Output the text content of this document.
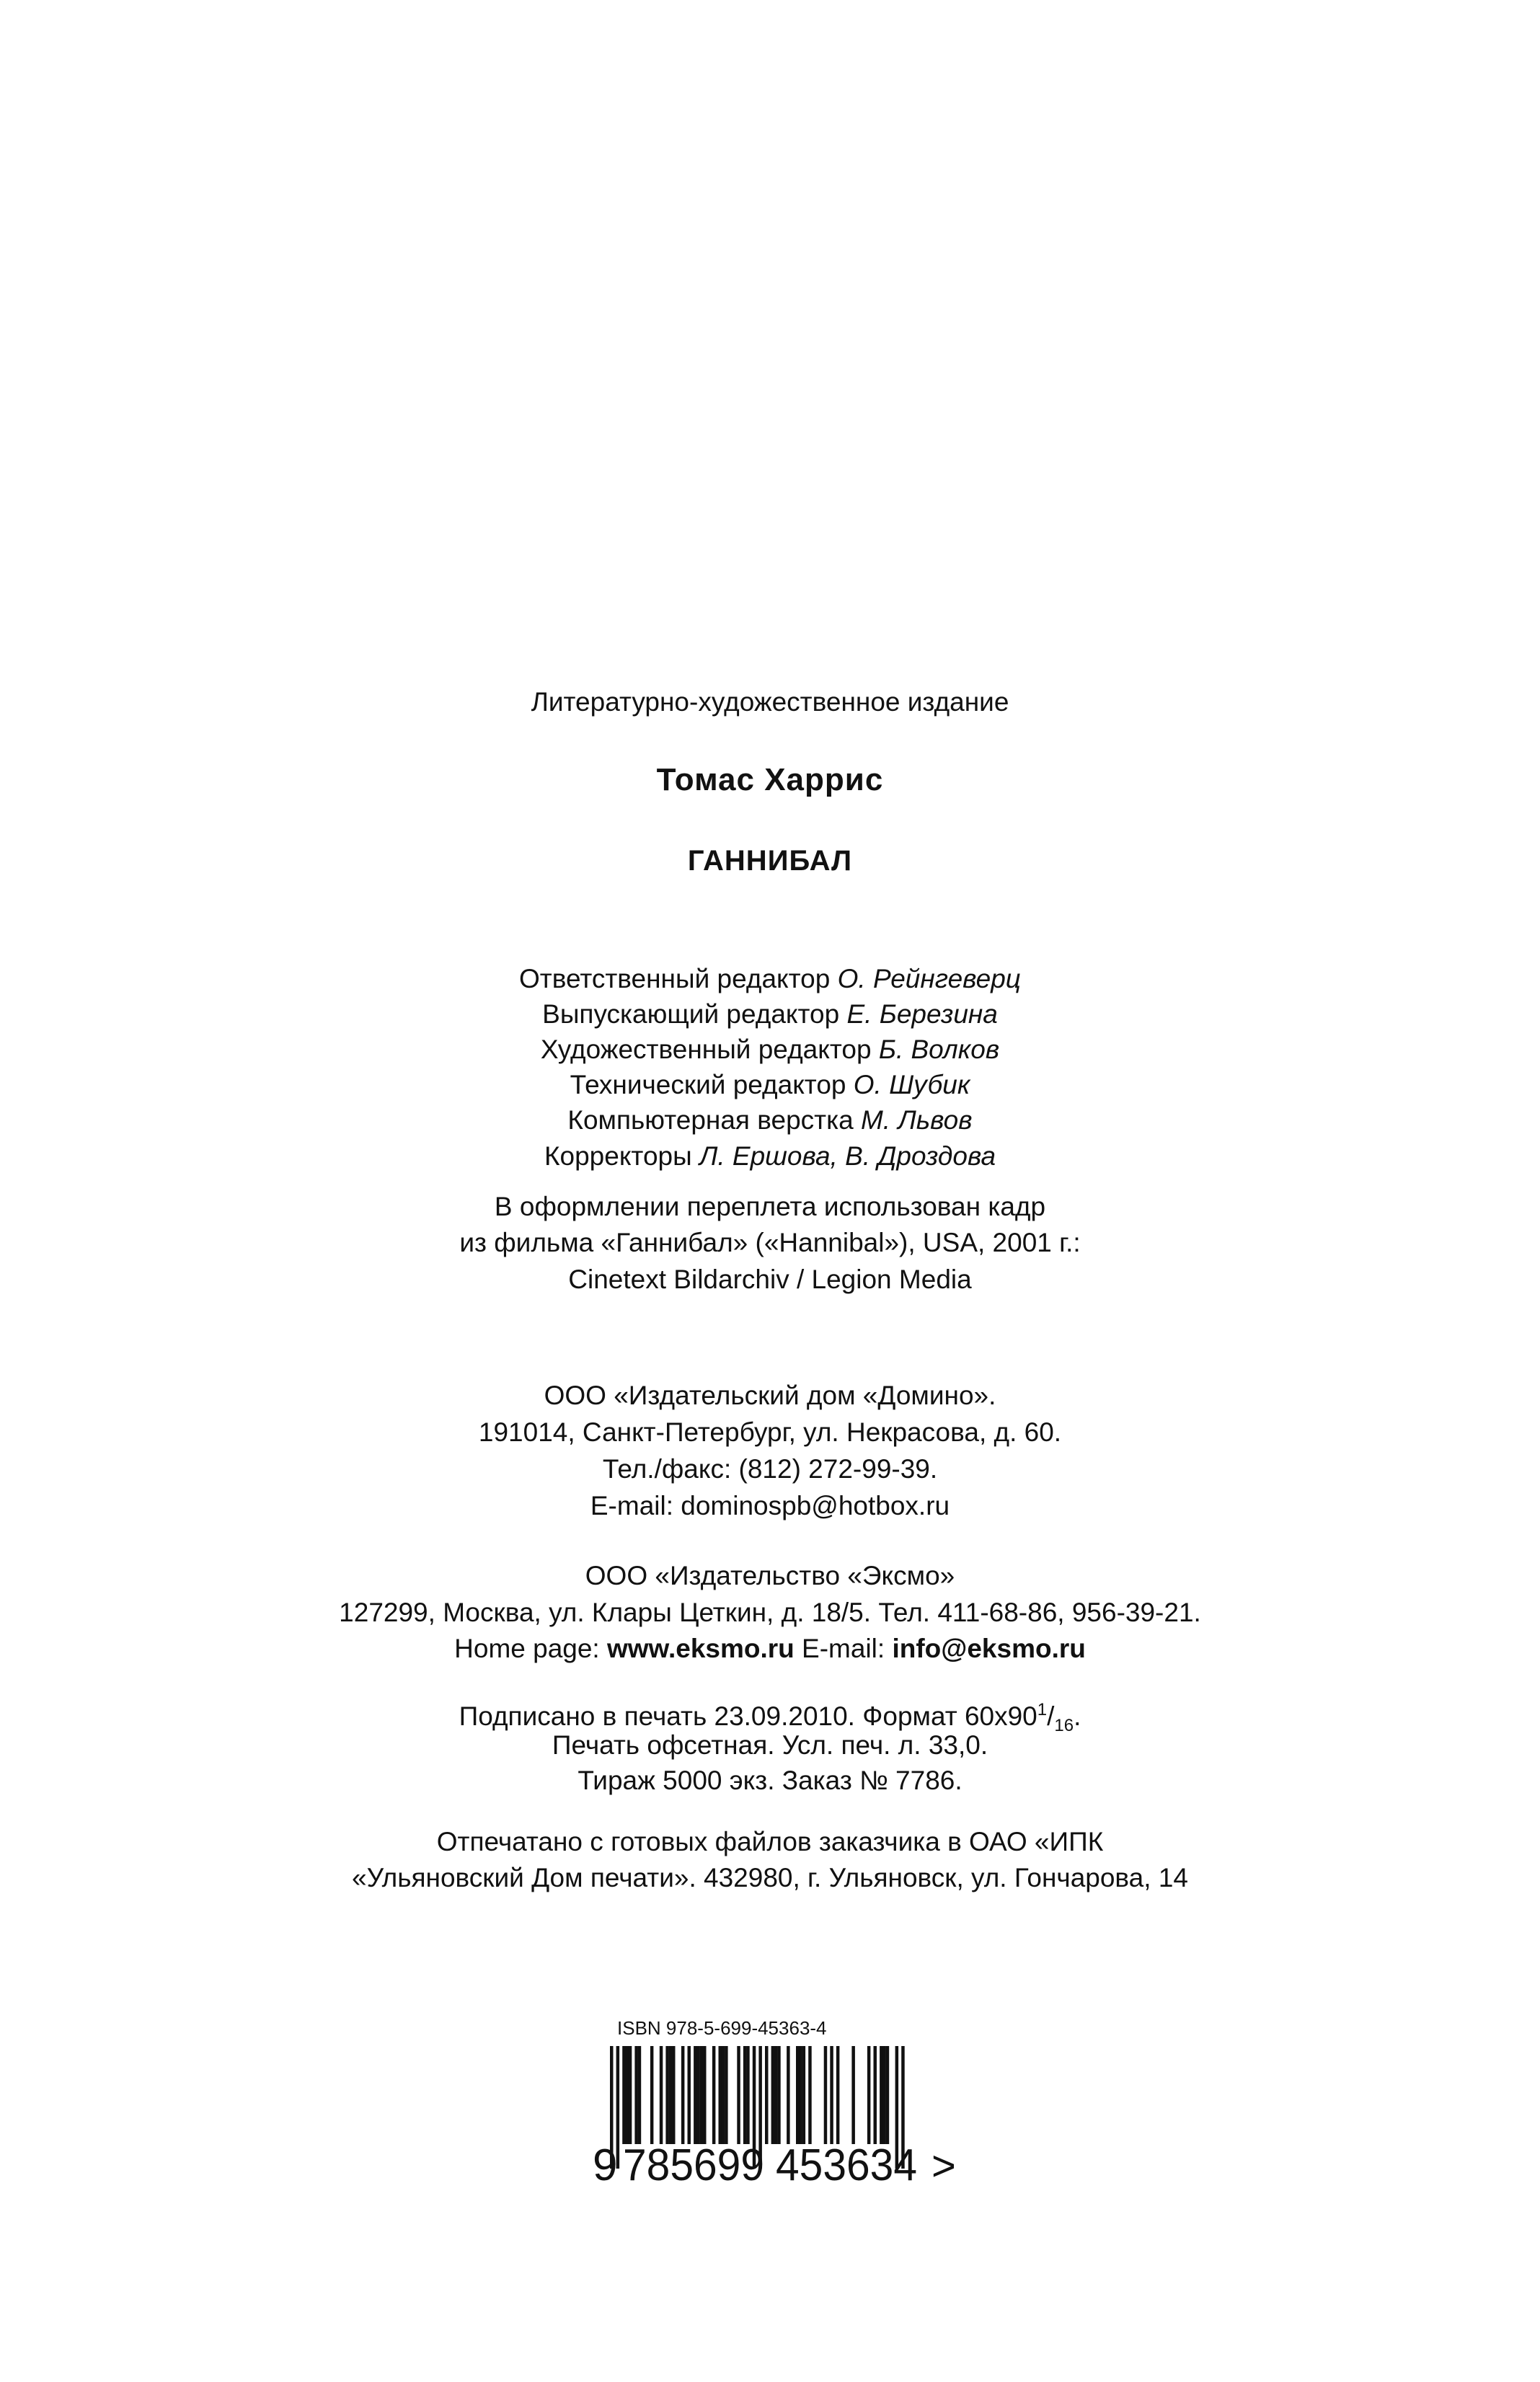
Литературно-художественное издание
Томас Харрис
ГАННИБАЛ
Ответственный редактор О. Рейнгеверц
Выпускающий редактор Е. Березина
Художественный редактор Б. Волков
Технический редактор О. Шубик
Компьютерная верстка М. Львов
Корректоры Л. Ершова, В. Дроздова
В оформлении переплета использован кадр
из фильма «Ганнибал» («Hannibal»), USA, 2001 г.:
Cinetext Bildarchiv / Legion Media
ООО «Издательский дом «Домино».
191014, Санкт-Петербург, ул. Некрасова, д. 60.
Тел./факс: (812) 272-99-39.
E-mail: dominospb@hotbox.ru
ООО «Издательство «Эксмо»
127299, Москва, ул. Клары Цеткин, д. 18/5. Тел. 411-68-86, 956-39-21.
Home page: www.eksmo.ru E-mail: info@eksmo.ru
Подписано в печать 23.09.2010. Формат $60x90^1/_{16}$.
Печать офсетная. Усл. печ. л. 33,0.
Тираж 5000 экз. Заказ № 7786.
Отпечатано с готовых файлов заказчика в ОАО «ИПК
«Ульяновский Дом печати». 432980, г. Ульяновск, ул. Гончарова, 14
ISBN 978-5-699-45363-4
9 785699 453634 >
